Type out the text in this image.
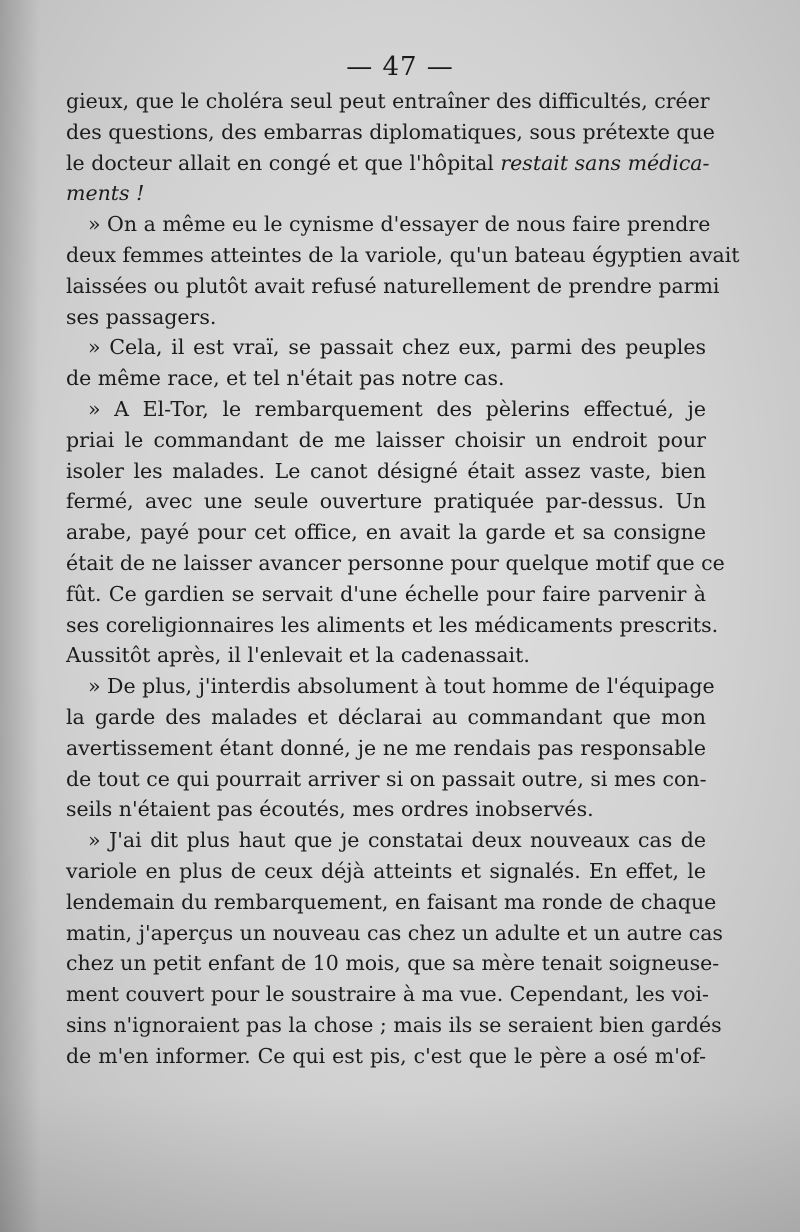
— 47 —
gieux, que le choléra seul peut entraîner des difficultés, créer
des questions, des embarras diplomatiques, sous prétexte que
le docteur allait en congé et que l'hôpital restait sans médica-
ments !
» On a même eu le cynisme d'essayer de nous faire prendre
deux femmes atteintes de la variole, qu'un bateau égyptien avait
laissées ou plutôt avait refusé naturellement de prendre parmi
ses passagers.
» Cela, il est vraï, se passait chez eux, parmi des peuples
de même race, et tel n'était pas notre cas.
» A El-Tor, le rembarquement des pèlerins effectué, je
priai le commandant de me laisser choisir un endroit pour
isoler les malades. Le canot désigné était assez vaste, bien
fermé, avec une seule ouverture pratiquée par-dessus. Un
arabe, payé pour cet office, en avait la garde et sa consigne
était de ne laisser avancer personne pour quelque motif que ce
fût. Ce gardien se servait d'une échelle pour faire parvenir à
ses coreligionnaires les aliments et les médicaments prescrits.
Aussitôt après, il l'enlevait et la cadenassait.
» De plus, j'interdis absolument à tout homme de l'équipage
la garde des malades et déclarai au commandant que mon
avertissement étant donné, je ne me rendais pas responsable
de tout ce qui pourrait arriver si on passait outre, si mes con-
seils n'étaient pas écoutés, mes ordres inobservés.
» J'ai dit plus haut que je constatai deux nouveaux cas de
variole en plus de ceux déjà atteints et signalés. En effet, le
lendemain du rembarquement, en faisant ma ronde de chaque
matin, j'aperçus un nouveau cas chez un adulte et un autre cas
chez un petit enfant de 10 mois, que sa mère tenait soigneuse-
ment couvert pour le soustraire à ma vue. Cependant, les voi-
sins n'ignoraient pas la chose ; mais ils se seraient bien gardés
de m'en informer. Ce qui est pis, c'est que le père a osé m'of-
